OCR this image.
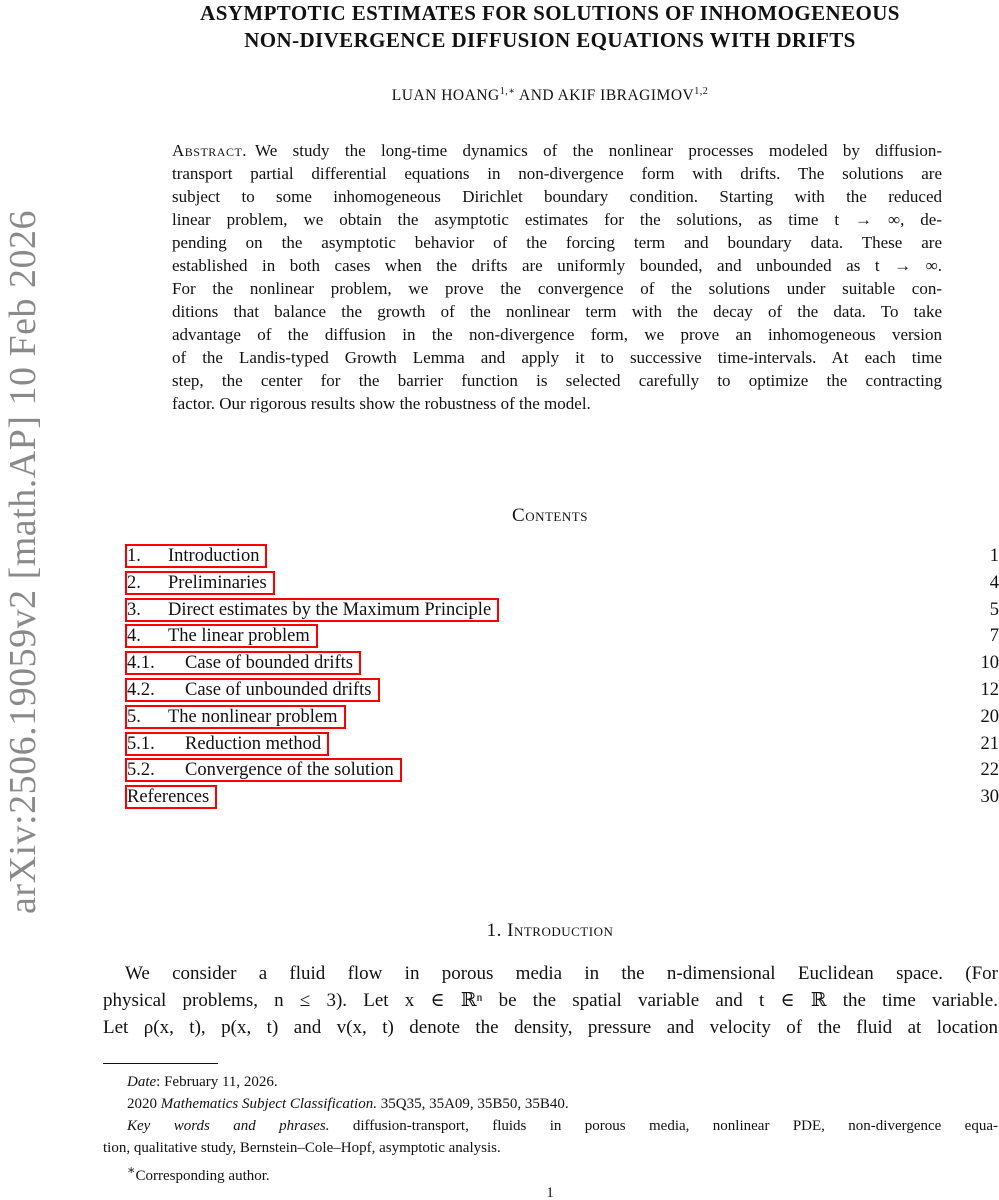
arXiv:2506.19059v2 [math.AP] 10 Feb 2026
ASYMPTOTIC ESTIMATES FOR SOLUTIONS OF INHOMOGENEOUS
NON-DIVERGENCE DIFFUSION EQUATIONS WITH DRIFTS
LUAN $HOANG^{1,∗}$ AND AKIF IBRAGIMOV$^{1,2}$
Abstract. We study the long-time dynamics of the nonlinear processes modeled by diffusion-
transport partial differential equations in non-divergence form with drifts. The solutions are
subject to some inhomogeneous Dirichlet boundary condition. Starting with the reduced
linear problem, we obtain the asymptotic estimates for the solutions, as time t → ∞, de-
pending on the asymptotic behavior of the forcing term and boundary data. These are
established in both cases when the drifts are uniformly bounded, and unbounded as t → ∞.
For the nonlinear problem, we prove the convergence of the solutions under suitable con-
ditions that balance the growth of the nonlinear term with the decay of the data. To take
advantage of the diffusion in the non-divergence form, we prove an inhomogeneous version
of the Landis-typed Growth Lemma and apply it to successive time-intervals. At each time
step, the center for the barrier function is selected carefully to optimize the contracting
factor. Our rigorous results show the robustness of the model.
Contents
1. Introduction	1
2. Preliminaries	4
3. Direct estimates by the Maximum Principle	5
4. The linear problem	7
4.1. Case of bounded drifts	10
4.2. Case of unbounded drifts	12
5. The nonlinear problem	20
5.1. Reduction method	21
5.2. Convergence of the solution	22
References	30
1. Introduction
We consider a fluid flow in porous media in the n-dimensional Euclidean space. (For
physical problems, n ≤ 3). Let x ∈ ℝⁿ be the spatial variable and t ∈ ℝ the time variable.
Let ρ(x, t), p(x, t) and v(x, t) denote the density, pressure and velocity of the fluid at location
Date: February 11, 2026.
2020 Mathematics Subject Classification. 35Q35, 35A09, 35B50, 35B40.
Key words and phrases. diffusion-transport, fluids in porous media, nonlinear PDE, non-divergence equa-
tion, qualitative study, Bernstein–Cole–Hopf, asymptotic analysis.
∗Corresponding author.
1
